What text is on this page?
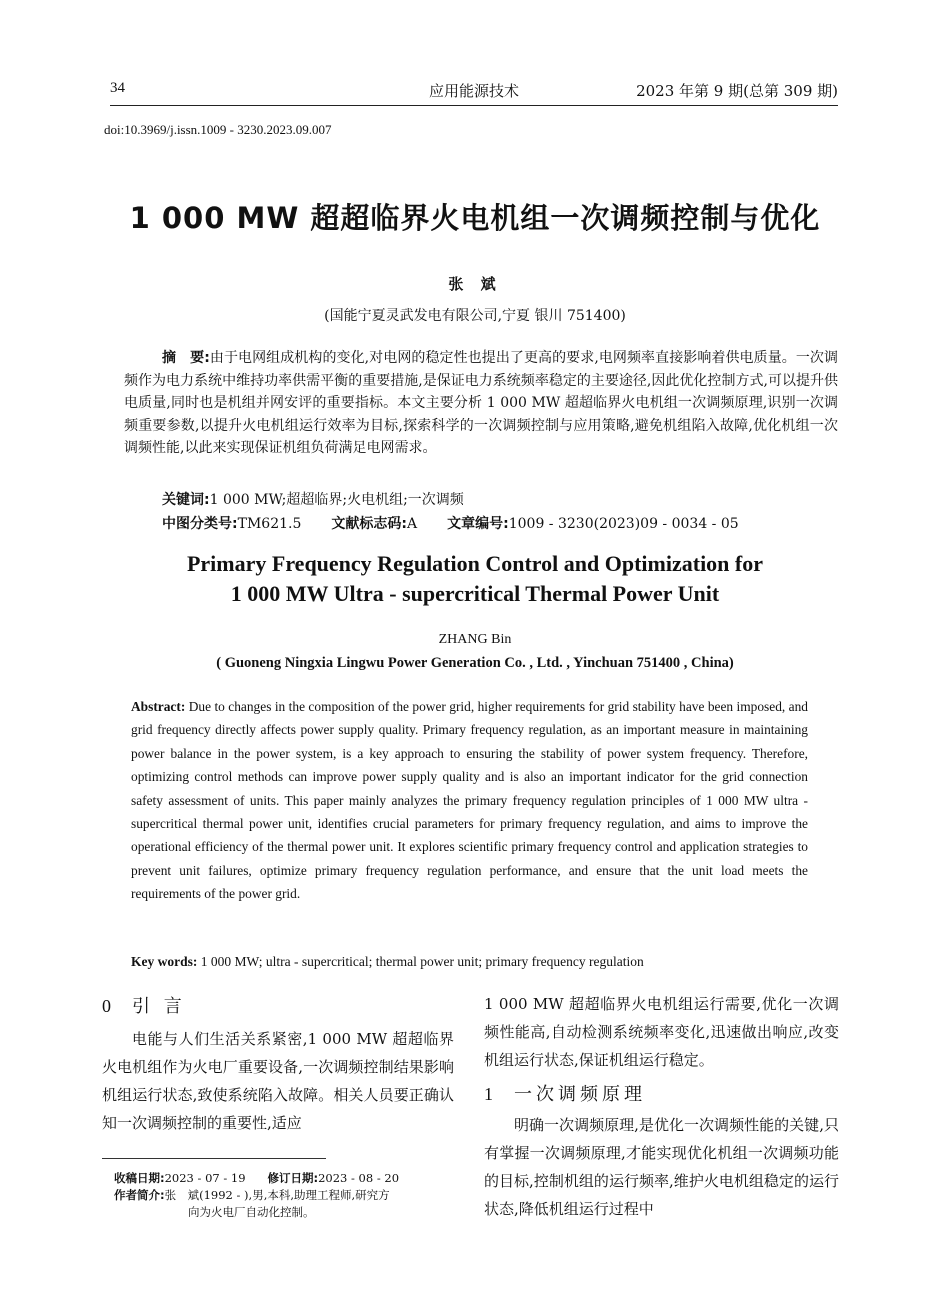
34	应用能源技术	2023 年第 9 期(总第 309 期)
doi:10.3969/j.issn.1009 - 3230.2023.09.007
1 000 MW 超超临界火电机组一次调频控制与优化
张 斌
(国能宁夏灵武发电有限公司,宁夏 银川 751400)
摘　要:由于电网组成机构的变化,对电网的稳定性也提出了更高的要求,电网频率直接影响着供电质量。一次调频作为电力系统中维持功率供需平衡的重要措施,是保证电力系统频率稳定的主要途径,因此优化控制方式,可以提升供电质量,同时也是机组并网安评的重要指标。本文主要分析 1 000 MW 超超临界火电机组一次调频原理,识别一次调频重要参数,以提升火电机组运行效率为目标,探索科学的一次调频控制与应用策略,避免机组陷入故障,优化机组一次调频性能,以此来实现保证机组负荷满足电网需求。
关键词:1 000 MW;超超临界;火电机组;一次调频
中图分类号:TM621.5 文献标志码:A 文章编号:1009 - 3230(2023)09 - 0034 - 05
Primary Frequency Regulation Control and Optimization for
1 000 MW Ultra - supercritical Thermal Power Unit
ZHANG Bin
( Guoneng Ningxia Lingwu Power Generation Co. , Ltd. , Yinchuan 751400 , China)
Abstract: Due to changes in the composition of the power grid, higher requirements for grid stability have been imposed, and grid frequency directly affects power supply quality. Primary frequency regulation, as an important measure in maintaining power balance in the power system, is a key approach to ensuring the stability of power system frequency. Therefore, optimizing control methods can improve power supply quality and is also an important indicator for the grid connection safety assessment of units. This paper mainly analyzes the primary frequency regulation principles of 1 000 MW ultra - supercritical thermal power unit, identifies crucial parameters for primary frequency regulation, and aims to improve the operational efficiency of the thermal power unit. It explores scientific primary frequency control and application strategies to prevent unit failures, optimize primary frequency regulation performance, and ensure that the unit load meets the requirements of the power grid.
Key words: 1 000 MW; ultra - supercritical; thermal power unit; primary frequency regulation
0 引 言
电能与人们生活关系紧密,1 000 MW 超超临界火电机组作为火电厂重要设备,一次调频控制结果影响机组运行状态,致使系统陷入故障。相关人员要正确认知一次调频控制的重要性,适应
1 000 MW 超超临界火电机组运行需要,优化一次调频性能高,自动检测系统频率变化,迅速做出响应,改变机组运行状态,保证机组运行稳定。
1 一次调频原理
明确一次调频原理,是优化一次调频性能的关键,只有掌握一次调频原理,才能实现优化机组一次调频功能的目标,控制机组的运行频率,维护火电机组稳定的运行状态,降低机组运行过程中
收稿日期:2023 - 07 - 19 修订日期:2023 - 08 - 20
作者简介:张　斌(1992 - ),男,本科,助理工程师,研究方
向为火电厂自动化控制。
